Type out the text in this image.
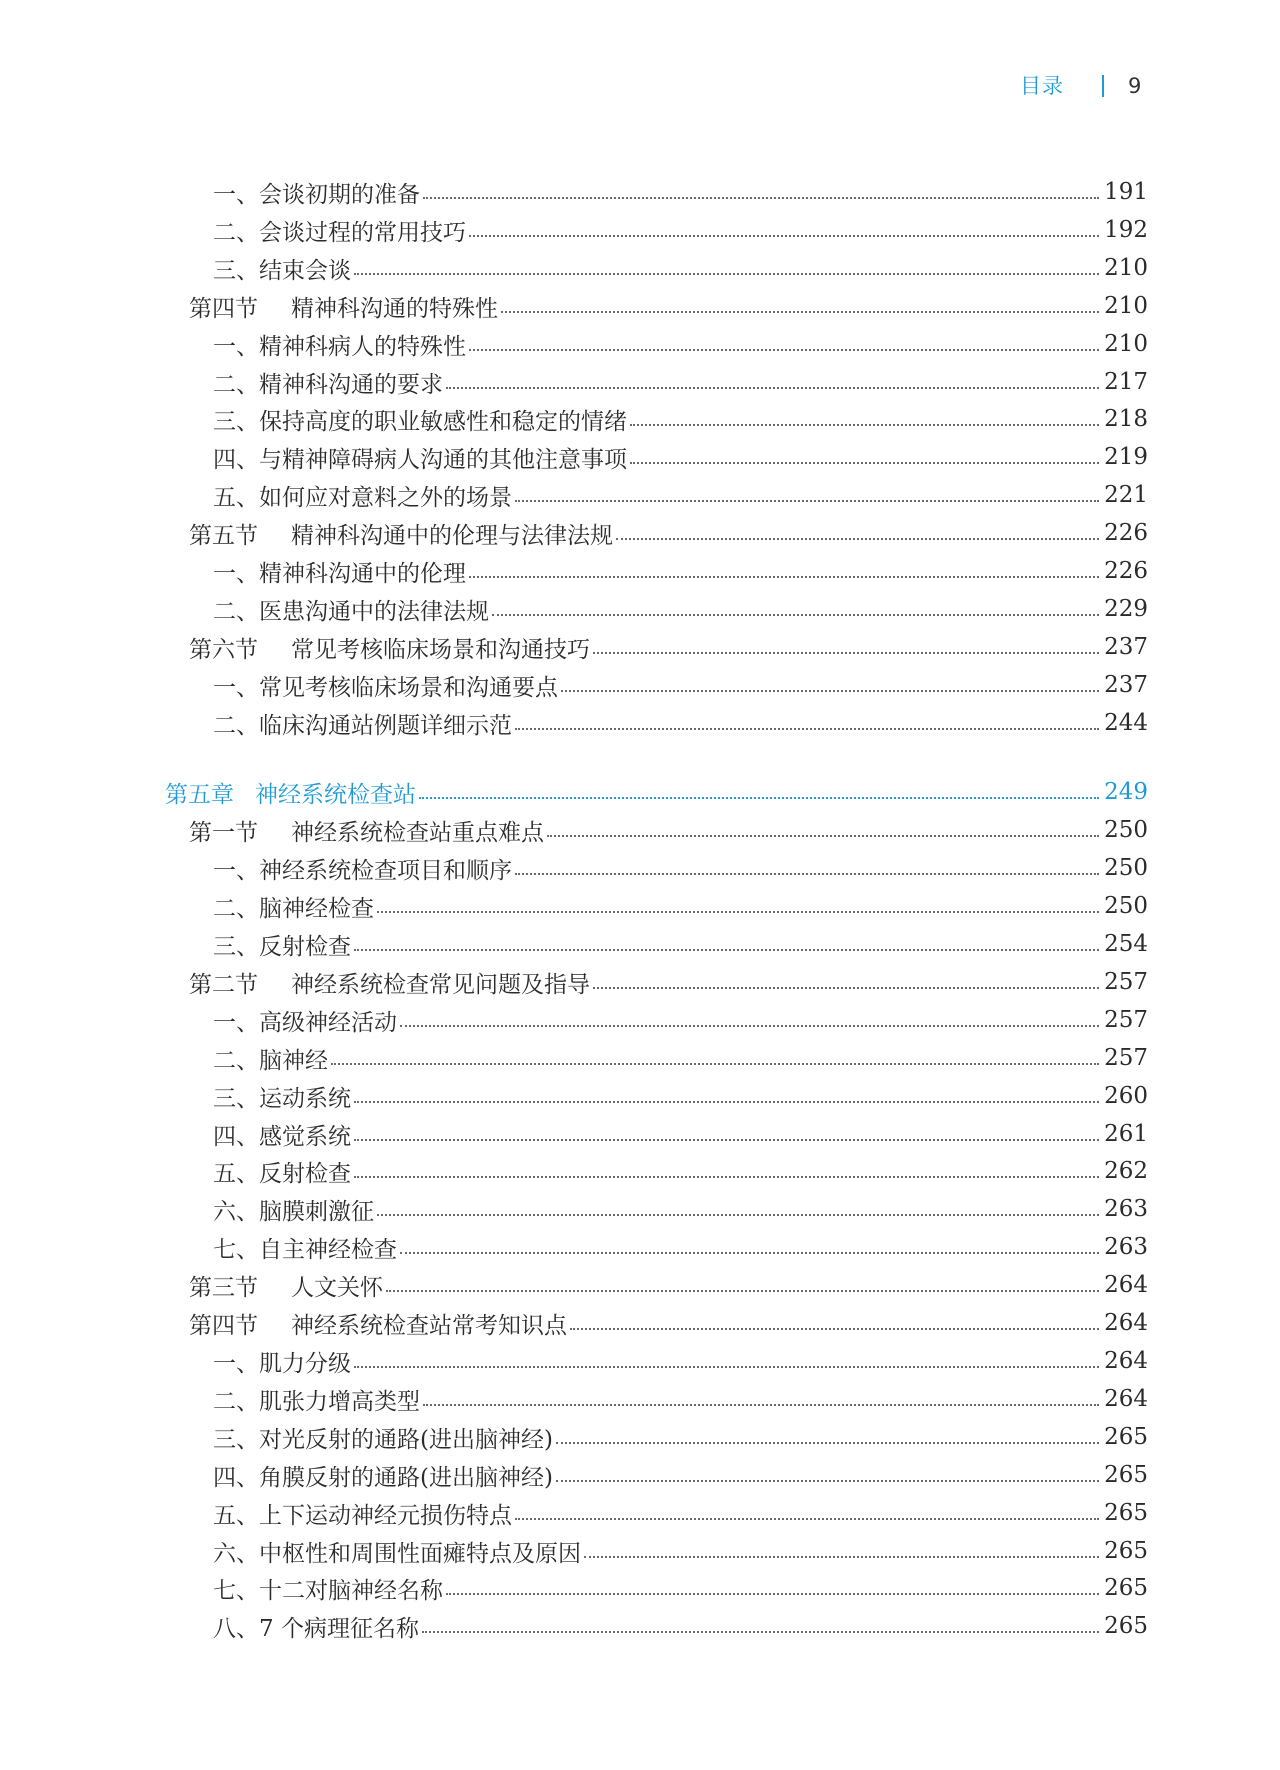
目录	9
一、会谈初期的准备	191
二、会谈过程的常用技巧	192
三、结束会谈	210
第四节 精神科沟通的特殊性	210
一、精神科病人的特殊性	210
二、精神科沟通的要求	217
三、保持高度的职业敏感性和稳定的情绪	218
四、与精神障碍病人沟通的其他注意事项	219
五、如何应对意料之外的场景	221
第五节 精神科沟通中的伦理与法律法规	226
一、精神科沟通中的伦理	226
二、医患沟通中的法律法规	229
第六节 常见考核临床场景和沟通技巧	237
一、常见考核临床场景和沟通要点	237
二、临床沟通站例题详细示范	244
第五章 神经系统检查站	249
第一节 神经系统检查站重点难点	250
一、神经系统检查项目和顺序	250
二、脑神经检查	250
三、反射检查	254
第二节 神经系统检查常见问题及指导	257
一、高级神经活动	257
二、脑神经	257
三、运动系统	260
四、感觉系统	261
五、反射检查	262
六、脑膜刺激征	263
七、自主神经检查	263
第三节 人文关怀	264
第四节 神经系统检查站常考知识点	264
一、肌力分级	264
二、肌张力增高类型	264
三、对光反射的通路(进出脑神经)	265
四、角膜反射的通路(进出脑神经)	265
五、上下运动神经元损伤特点	265
六、中枢性和周围性面瘫特点及原因	265
七、十二对脑神经名称	265
八、7 个病理征名称	265
